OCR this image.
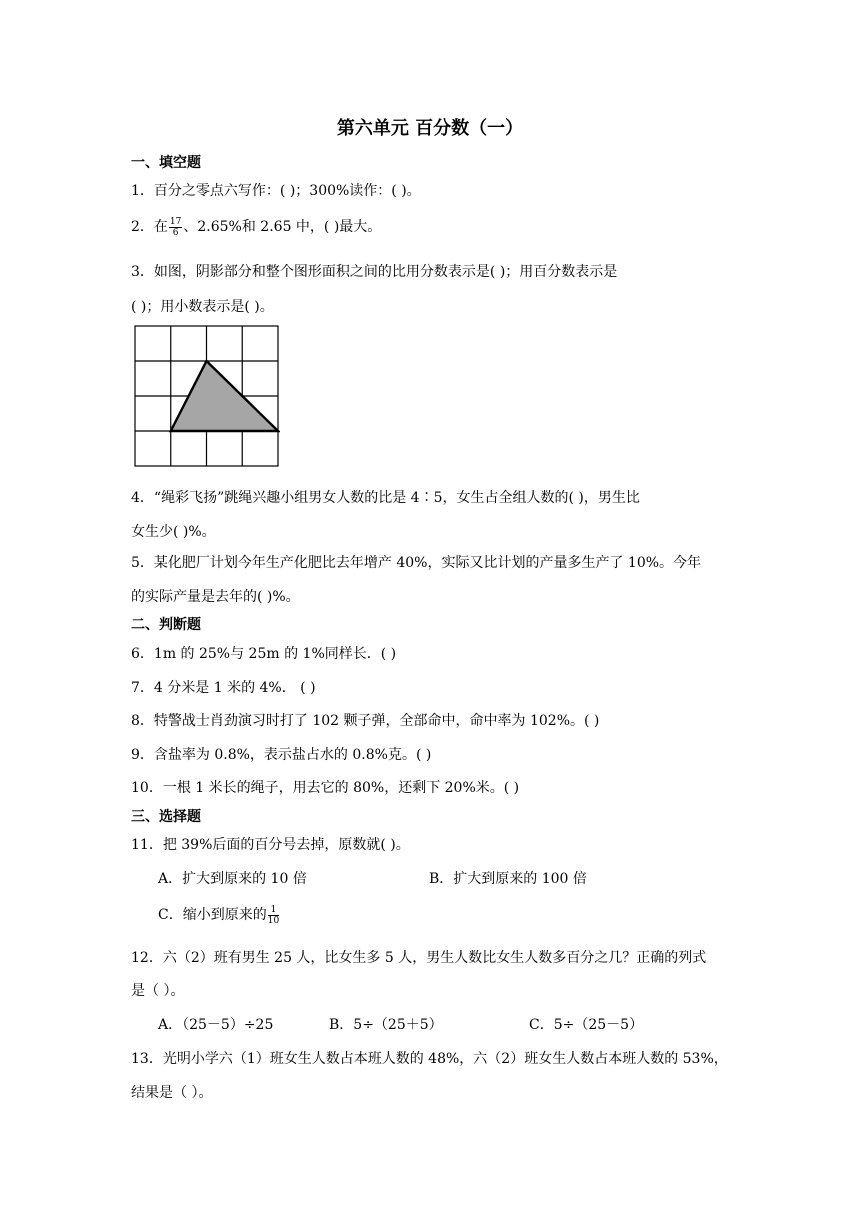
第六单元 百分数（一）
一、填空题
1．百分之零点六写作：( )；300%读作：( )。
2．在 $\frac{17}{6}$ 、2.65%和 2.65 中，( )最大。
3．如图，阴影部分和整个图形面积之间的比用分数表示是( )；用百分数表示是
( )；用小数表示是( )。
4．“绳彩飞扬”跳绳兴趣小组男女人数的比是 4∶5，女生占全组人数的( )，男生比
女生少( )%。
5．某化肥厂计划今年生产化肥比去年增产 40%，实际又比计划的产量多生产了 10%。今年
的实际产量是去年的( )%。
二、判断题
6．1m 的 25%与 25m 的 1%同样长．( )
7．4 分米是 1 米的 4%． ( )
8．特警战士肖劲演习时打了 102 颗子弹，全部命中，命中率为 102%。( )
9．含盐率为 0.8%，表示盐占水的 0.8%克。( )
10．一根 1 米长的绳子，用去它的 80%，还剩下 20%米。( )
三、选择题
11．把 39%后面的百分号去掉，原数就( )。
A．扩大到原来的 10 倍	B．扩大到原来的 100 倍
C．缩小到原来的 $\frac{1}{10}$
12．六（2）班有男生 25 人，比女生多 5 人，男生人数比女生人数多百分之几？正确的列式
是（ ）。
A．（25－5）÷25	B．5÷（25＋5）	C．5÷（25－5）
13．光明小学六（1）班女生人数占本班人数的 48%，六（2）班女生人数占本班人数的 53%，
结果是（ ）。
